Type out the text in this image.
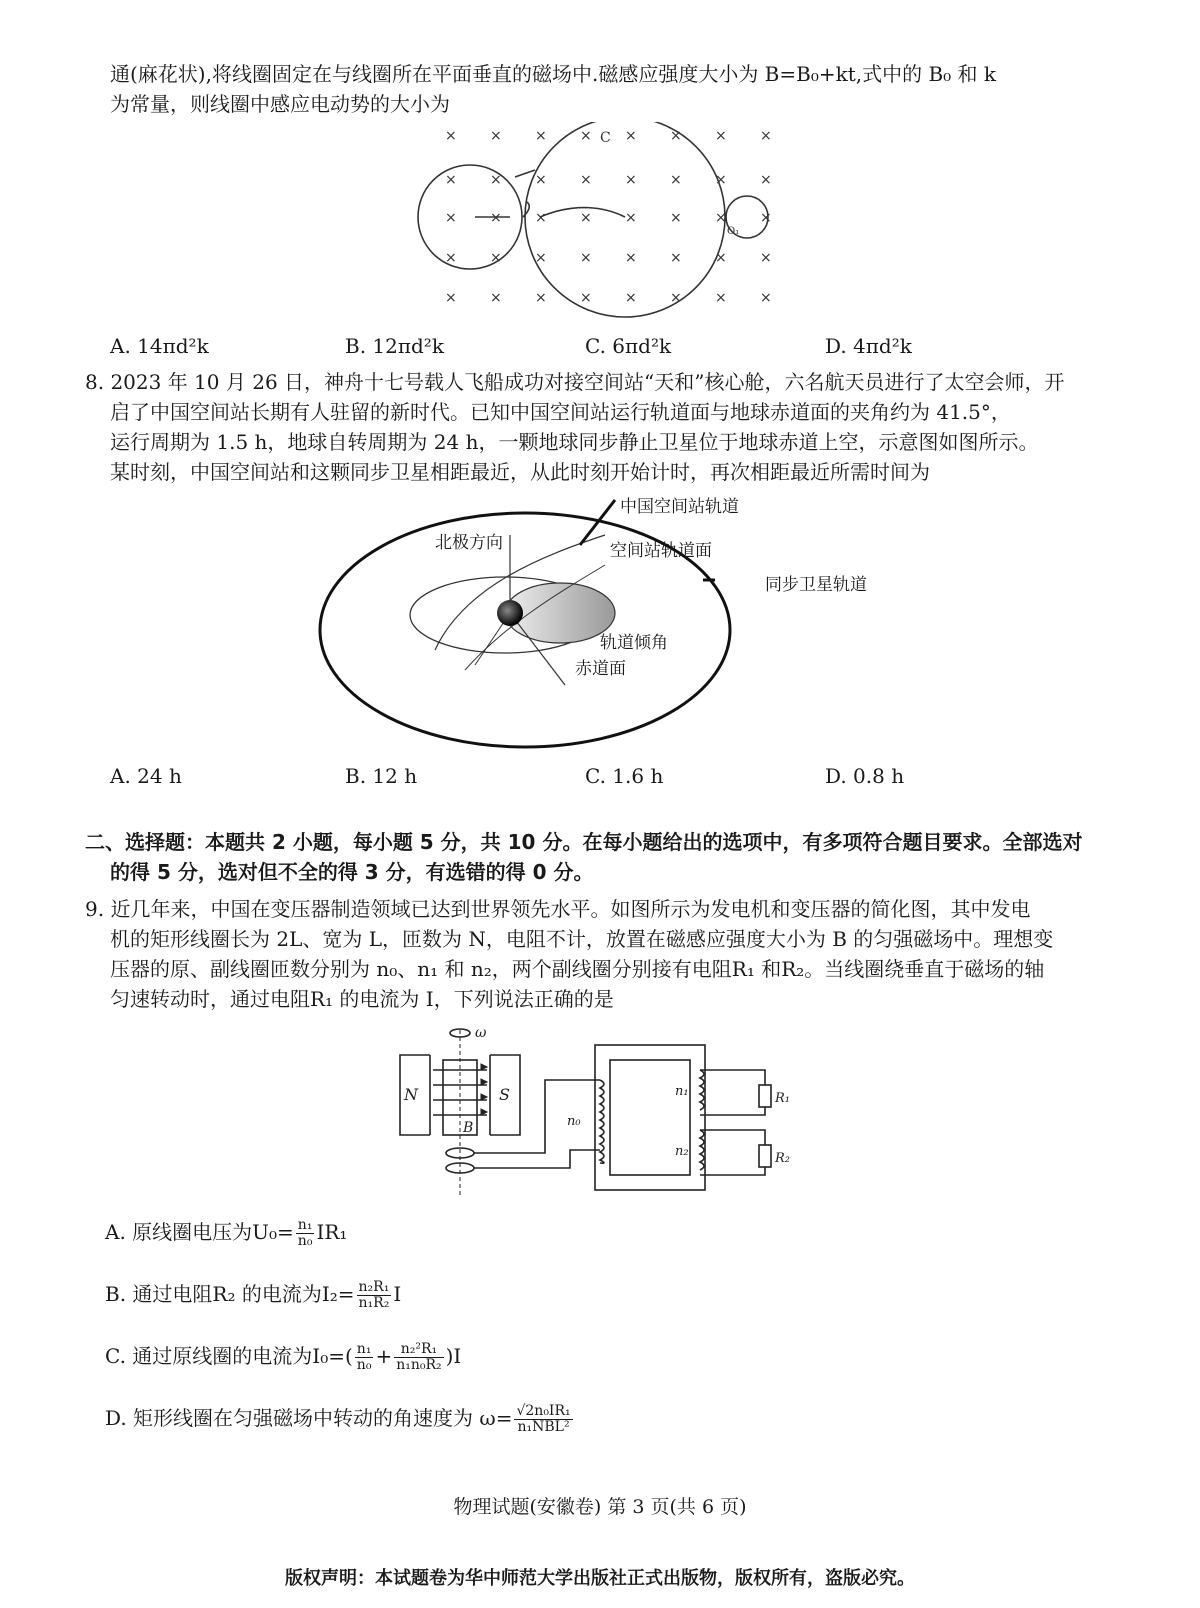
通(麻花状),将线圈固定在与线圈所在平面垂直的磁场中.磁感应强度大小为 B=B₀+kt,式中的 B₀ 和 k
为常量，则线圈中感应电动势的大小为
× × × × × × × ×
× × × × × × × ×
× × × × × × × ×
× × × × × × × ×
× × × × × × × ×
O₁
C
A. 14πd²k	B. 12πd²k	C. 6πd²k	D. 4πd²k
8. 2023 年 10 月 26 日，神舟十七号载人飞船成功对接空间站“天和”核心舱，六名航天员进行了太空会师，开
启了中国空间站长期有人驻留的新时代。已知中国空间站运行轨道面与地球赤道面的夹角约为 41.5°，
运行周期为 1.5 h，地球自转周期为 24 h，一颗地球同步静止卫星位于地球赤道上空，示意图如图所示。
某时刻，中国空间站和这颗同步卫星相距最近，从此时刻开始计时，再次相距最近所需时间为
中国空间站轨道
北极方向	空间站轨道面
同步卫星轨道
轨道倾角
赤道面
A. 24 h	B. 12 h	C. 1.6 h	D. 0.8 h
二、选择题：本题共 2 小题，每小题 5 分，共 10 分。在每小题给出的选项中，有多项符合题目要求。全部选对
的得 5 分，选对但不全的得 3 分，有选错的得 0 分。
9. 近几年来，中国在变压器制造领域已达到世界领先水平。如图所示为发电机和变压器的简化图，其中发电
机的矩形线圈长为 2L、宽为 L，匝数为 N，电阻不计，放置在磁感应强度大小为 B 的匀强磁场中。理想变
压器的原、副线圈匝数分别为 n₀、n₁ 和 n₂，两个副线圈分别接有电阻R₁ 和R₂。当线圈绕垂直于磁场的轴
匀速转动时，通过电阻R₁ 的电流为 I，下列说法正确的是
N	S
B
ω
n₀
n₁
n₂
R₁
R₂
A. 原线圈电压为$U_0= \frac{\text{n₁}}{\text{n₀}} IR_1$
B. 通过电阻R₂ 的电流为$I_2= \frac{\text{n₂R₁}}{\text{n₁R₂}}$ I
C. 通过原线圈的电流为$I_0=( \frac{\text{n₁}}{\text{n₀}} + \frac{\text{n₂²R₁}}{\text{n₁n₀R₂}} )I$
D. 矩形线圈在匀强磁场中转动的角速度为 $\omega= \frac{\text{√2n₀IR₁}}{\text{n₁NBL²}}$
物理试题(安徽卷) 第 3 页(共 6 页)
版权声明：本试题卷为华中师范大学出版社正式出版物，版权所有，盗版必究。
